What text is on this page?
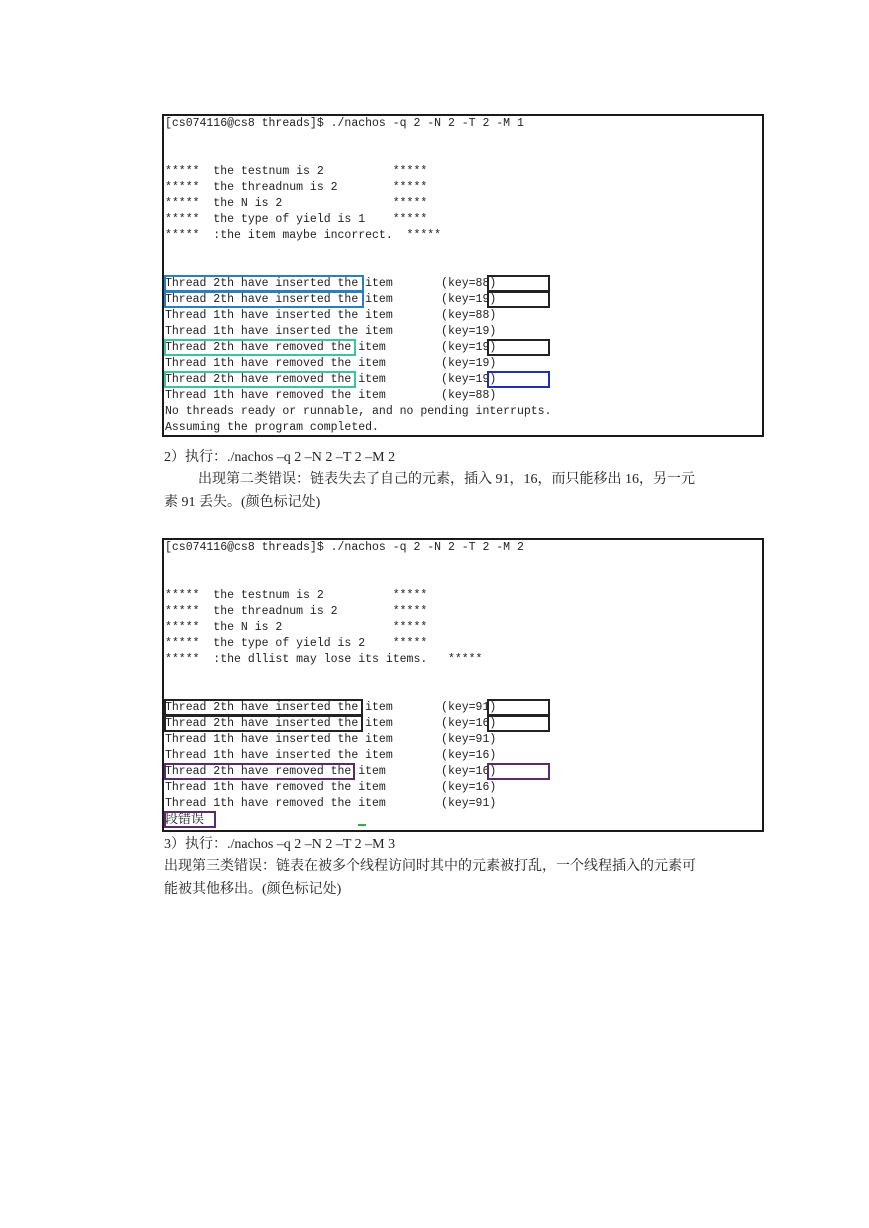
[cs074116@cs8 threads]$ ./nachos -q 2 -N 2 -T 2 -M 1
*****  the testnum is 2          *****
*****  the threadnum is 2        *****
*****  the N is 2                *****
*****  the type of yield is 1    *****
*****  :the item maybe incorrect.  *****
Thread 2th have inserted the item       (key=88)
Thread 2th have inserted the item       (key=19)
Thread 1th have inserted the item       (key=88)
Thread 1th have inserted the item       (key=19)
Thread 2th have removed the item        (key=19)
Thread 1th have removed the item        (key=19)
Thread 2th have removed the item        (key=19)
Thread 1th have removed the item        (key=88)
No threads ready or runnable, and no pending interrupts.
Assuming the program completed.
2）执行：./nachos –q 2 –N 2 –T 2 –M 2
出现第二类错误：链表失去了自己的元素，插入 91，16，而只能移出 16，另一元
素 91 丢失。(颜色标记处)
[cs074116@cs8 threads]$ ./nachos -q 2 -N 2 -T 2 -M 2
*****  the testnum is 2          *****
*****  the threadnum is 2        *****
*****  the N is 2                *****
*****  the type of yield is 2    *****
*****  :the dllist may lose its items.   *****
Thread 2th have inserted the item       (key=91)
Thread 2th have inserted the item       (key=16)
Thread 1th have inserted the item       (key=91)
Thread 1th have inserted the item       (key=16)
Thread 2th have removed the item        (key=16)
Thread 1th have removed the item        (key=16)
Thread 1th have removed the item        (key=91)
段错误
3）执行：./nachos –q 2 –N 2 –T 2 –M 3
出现第三类错误：链表在被多个线程访问时其中的元素被打乱，一个线程插入的元素可
能被其他移出。(颜色标记处)
